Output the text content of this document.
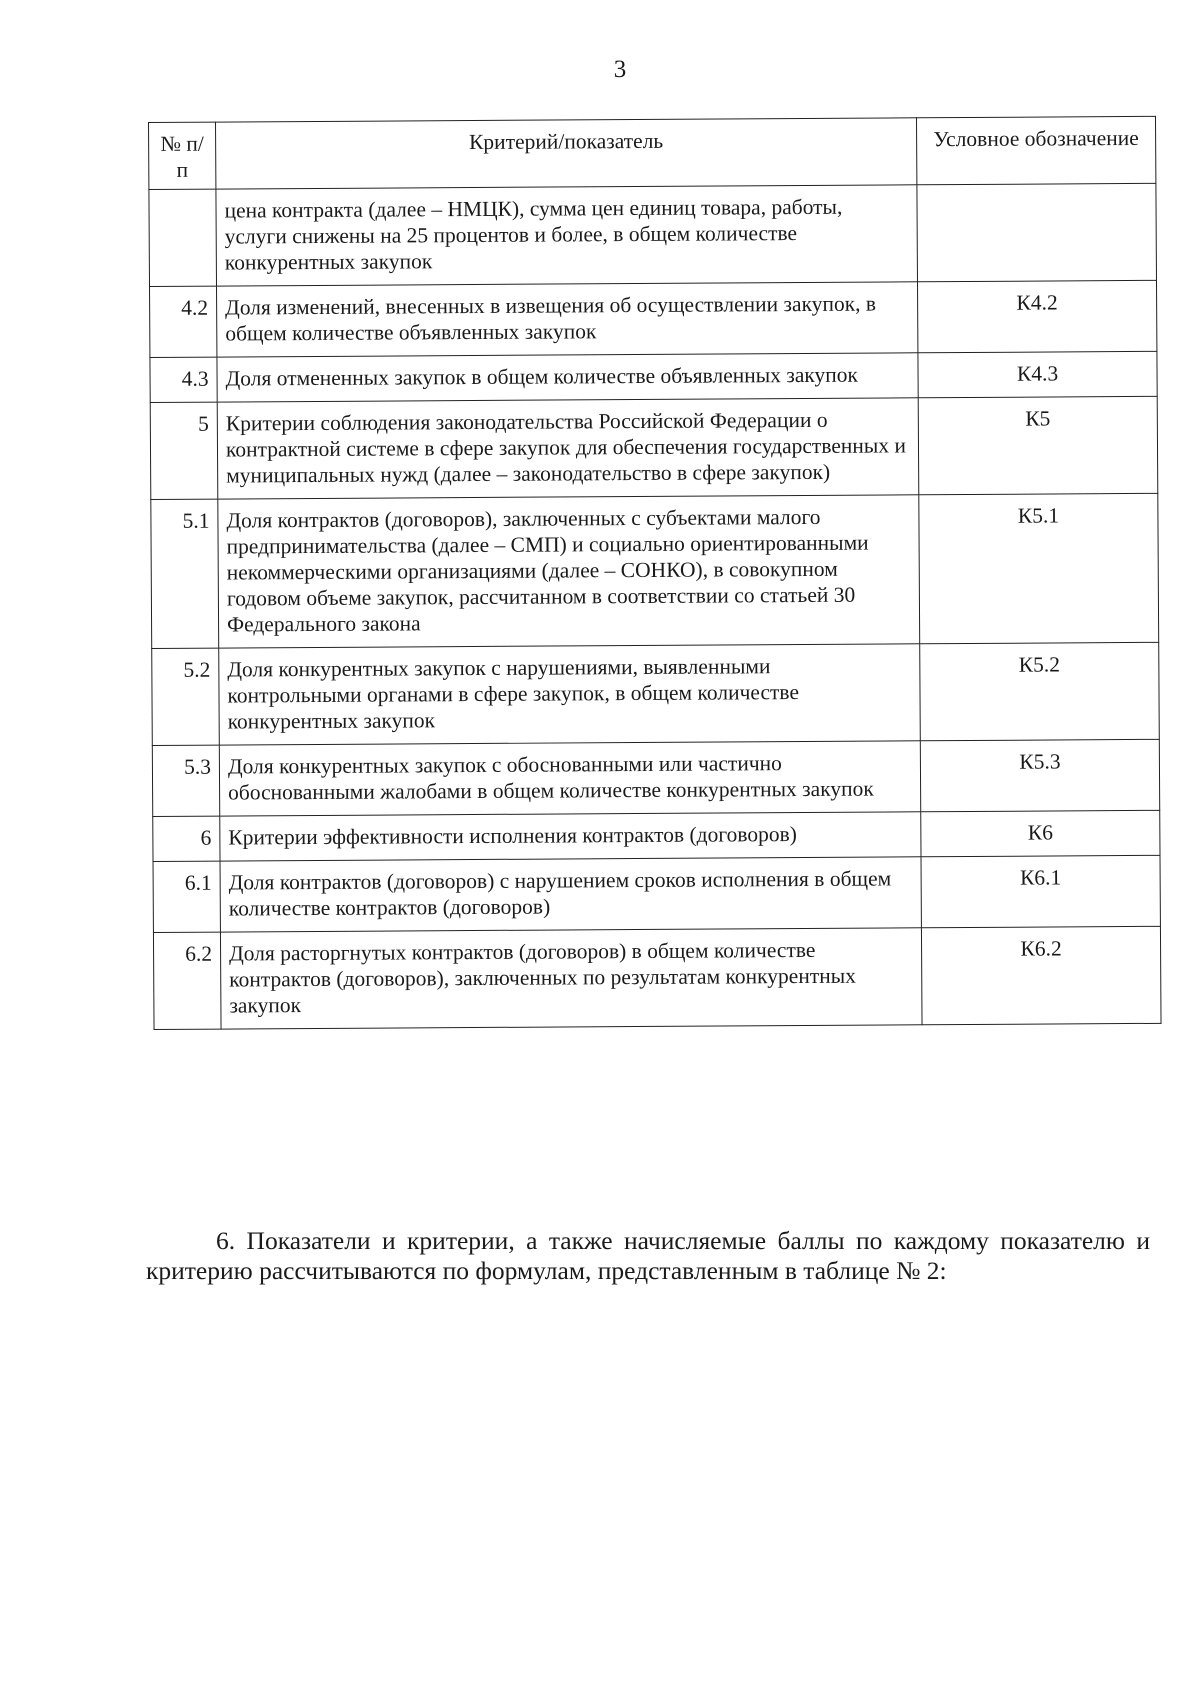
3
№ п/п	Критерий/показатель	Условное обозначение
	цена контракта (далее – НМЦК), сумма цен единиц товара, работы, услуги снижены на 25 процентов и более, в общем количестве конкурентных закупок	
4.2	Доля изменений, внесенных в извещения об осуществлении закупок, в общем количестве объявленных закупок	К4.2
4.3	Доля отмененных закупок в общем количестве объявленных закупок	К4.3
5	Критерии соблюдения законодательства Российской Федерации о контрактной системе в сфере закупок для обеспечения государственных и муниципальных нужд (далее – законодательство в сфере закупок)	К5
5.1	Доля контрактов (договоров), заключенных с субъектами малого предпринимательства (далее – СМП) и социально ориентированными некоммерческими организациями (далее – СОНКО), в совокупном годовом объеме закупок, рассчитанном в соответствии со статьей 30 Федерального закона	К5.1
5.2	Доля конкурентных закупок с нарушениями, выявленными контрольными органами в сфере закупок, в общем количестве конкурентных закупок	К5.2
5.3	Доля конкурентных закупок с обоснованными или частично обоснованными жалобами в общем количестве конкурентных закупок	К5.3
6	Критерии эффективности исполнения контрактов (договоров)	К6
6.1	Доля контрактов (договоров) с нарушением сроков исполнения в общем количестве контрактов (договоров)	К6.1
6.2	Доля расторгнутых контрактов (договоров) в общем количестве контрактов (договоров), заключенных по результатам конкурентных закупок	К6.2
6. Показатели и критерии, а также начисляемые баллы по каждому показателю и критерию рассчитываются по формулам, представленным в таблице № 2:
